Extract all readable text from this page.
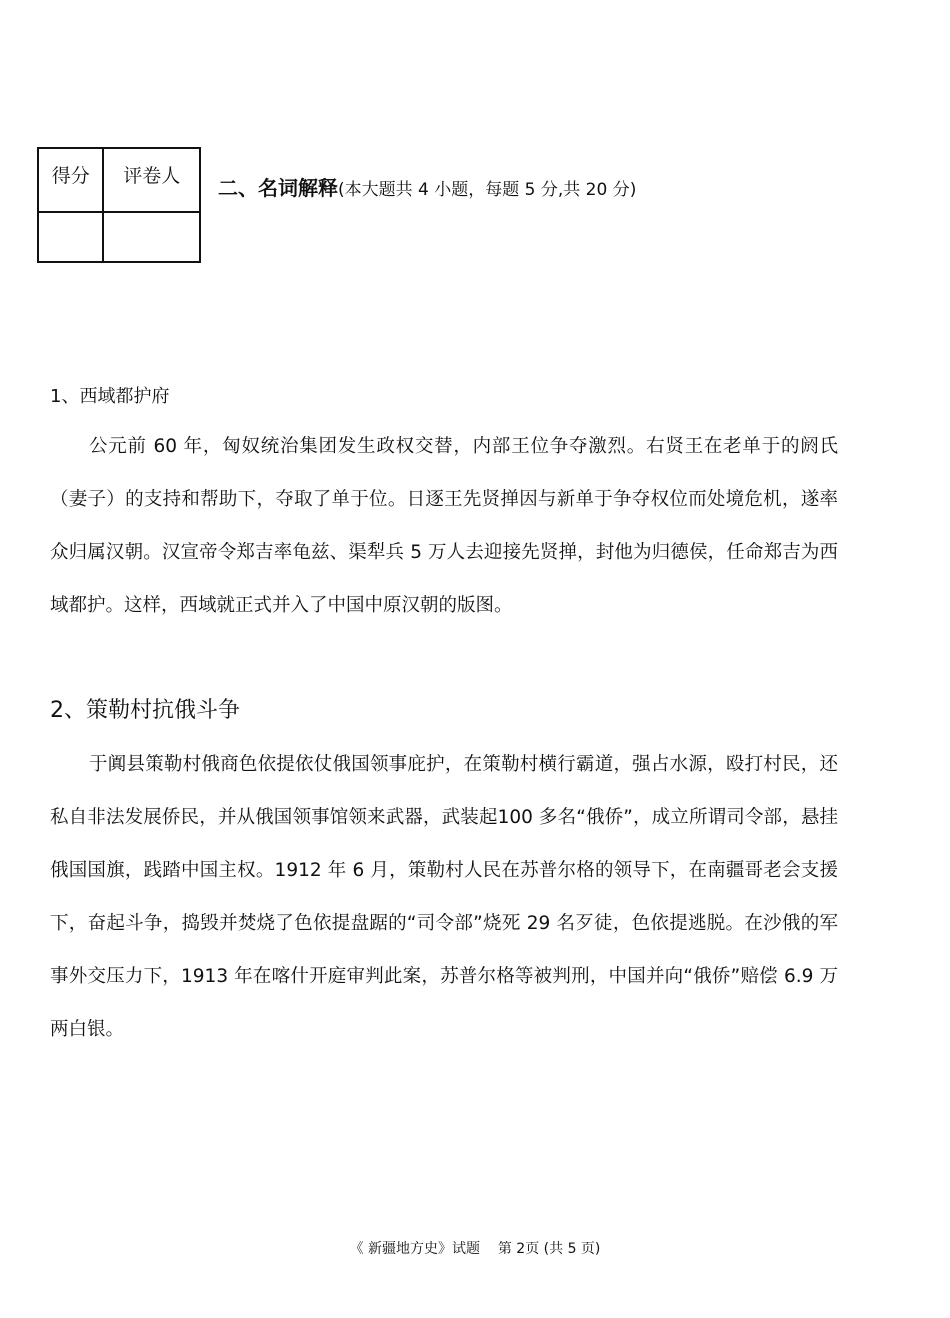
得分	评卷人
	二、名词解释(本大题共 4 小题，每题 5 分,共 20 分)
1、西域都护府

公元前 60 年，匈奴统治集团发生政权交替，内部王位争夺激烈。右贤王在老单于的阏氏（妻子）的支持和帮助下，夺取了单于位。日逐王先贤掸因与新单于争夺权位而处境危机，遂率众归属汉朝。汉宣帝令郑吉率龟兹、渠犁兵 5 万人去迎接先贤掸，封他为归德侯，任命郑吉为西域都护。这样，西域就正式并入了中国中原汉朝的版图。

2、策勒村抗俄斗争

于阗县策勒村俄商色依提依仗俄国领事庇护，在策勒村横行霸道，强占水源，殴打村民，还私自非法发展侨民，并从俄国领事馆领来武器，武装起100 多名“俄侨”，成立所谓司令部，悬挂俄国国旗，践踏中国主权。1912 年 6 月，策勒村人民在苏普尔格的领导下，在南疆哥老会支援下，奋起斗争，捣毁并焚烧了色依提盘踞的“司令部”烧死 29 名歹徒，色依提逃脱。在沙俄的军事外交压力下，1913 年在喀什开庭审判此案，苏普尔格等被判刑，中国并向“俄侨”赔偿 6.9 万两白银。

《 新疆地方史》试题    第 2页 (共 5 页)
